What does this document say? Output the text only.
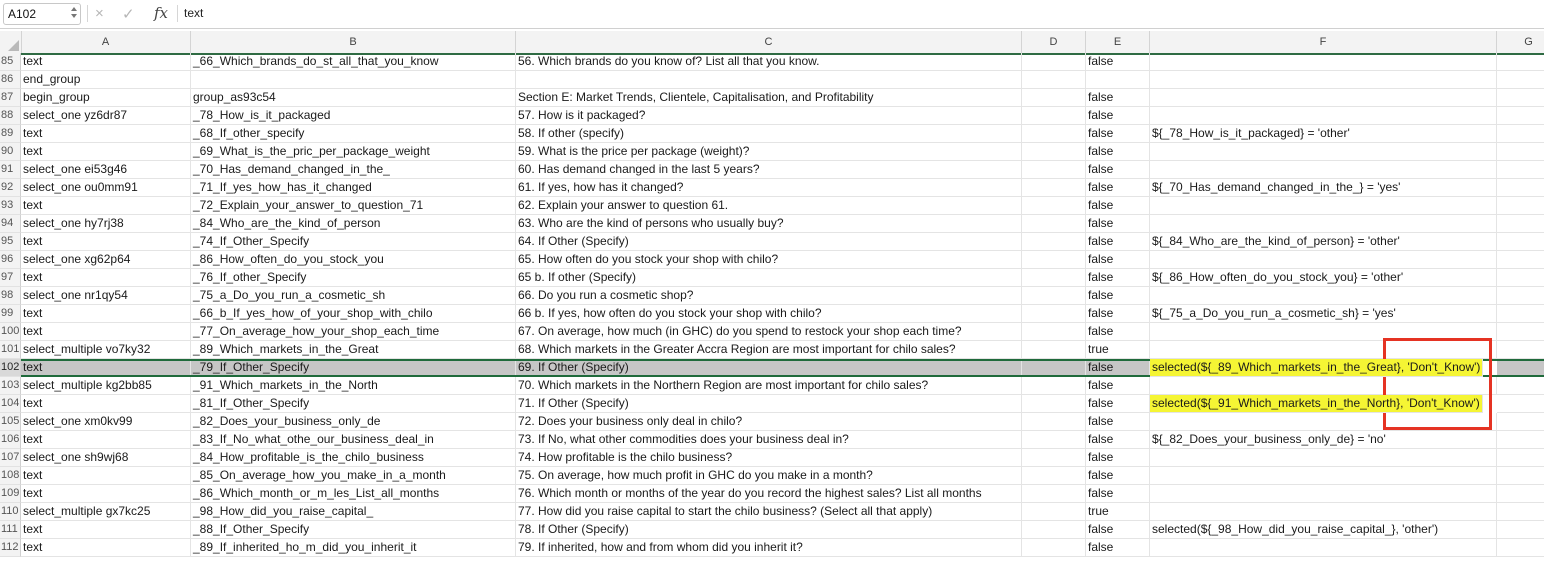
A102	× ✓ fx text
A	B	C	D	E	F	G
85 text	_66_Which_brands_do_st_all_that_you_know	56. Which brands do you know of? List all that you know.	false
86 end_group
87 begin_group	group_as93c54	Section E: Market Trends, Clientele, Capitalisation, and Profitability	false
88 select_one yz6dr87	_78_How_is_it_packaged	57. How is it packaged?	false
89 text	_68_If_other_specify	58. If other (specify)	false	${_78_How_is_it_packaged} = 'other'
90 text	_69_What_is_the_pric_per_package_weight	59. What is the price per package (weight)?	false
91 select_one ei53g46	_70_Has_demand_changed_in_the_	60. Has demand changed in the last 5 years?	false
92 select_one ou0mm91	_71_If_yes_how_has_it_changed	61. If yes, how has it changed?	false	${_70_Has_demand_changed_in_the_} = 'yes'
93 text	_72_Explain_your_answer_to_question_71	62. Explain your answer to question 61.	false
94 select_one hy7rj38	_84_Who_are_the_kind_of_person	63. Who are the kind of persons who usually buy?	false
95 text	_74_If_Other_Specify	64. If Other (Specify)	false	${_84_Who_are_the_kind_of_person} = 'other'
96 select_one xg62p64	_86_How_often_do_you_stock_you	65. How often do you stock your shop with chilo?	false
97 text	_76_If_other_Specify	65 b. If other (Specify)	false	${_86_How_often_do_you_stock_you} = 'other'
98 select_one nr1qy54	_75_a_Do_you_run_a_cosmetic_sh	66. Do you run a cosmetic shop?	false
99 text	_66_b_If_yes_how_of_your_shop_with_chilo	66 b. If yes, how often do you stock your shop with chilo?	false	${_75_a_Do_you_run_a_cosmetic_sh} = 'yes'
100 text	_77_On_average_how_your_shop_each_time	67. On average, how much (in GHC) do you spend to restock your shop each time?	false
101 select_multiple vo7ky32	_89_Which_markets_in_the_Great	68. Which markets in the Greater Accra Region are most important for chilo sales?	true
102 text	_79_If_Other_Specify	69. If Other (Specify)	false	selected(${_89_Which_markets_in_the_Great}, 'Don't_Know')
103 select_multiple kg2bb85	_91_Which_markets_in_the_North	70. Which markets in the Northern Region are most important for chilo sales?	false
104 text	_81_If_Other_Specify	71. If Other (Specify)	false	selected(${_91_Which_markets_in_the_North}, 'Don't_Know')
105 select_one xm0kv99	_82_Does_your_business_only_de	72. Does your business only deal in chilo?	false
106 text	_83_If_No_what_othe_our_business_deal_in	73. If No, what other commodities does your business deal in?	false	${_82_Does_your_business_only_de} = 'no'
107 select_one sh9wj68	_84_How_profitable_is_the_chilo_business	74. How profitable is the chilo business?	false
108 text	_85_On_average_how_you_make_in_a_month	75. On average, how much profit in GHC do you make in a month?	false
109 text	_86_Which_month_or_m_les_List_all_months	76. Which month or months of the year do you record the highest sales? List all months	false
110 select_multiple gx7kc25	_98_How_did_you_raise_capital_	77. How did you raise capital to start the chilo business? (Select all that apply)	true
111 text	_88_If_Other_Specify	78. If Other (Specify)	false	selected(${_98_How_did_you_raise_capital_}, 'other')
112 text	_89_If_inherited_ho_m_did_you_inherit_it	79. If inherited, how and from whom did you inherit it?	false
